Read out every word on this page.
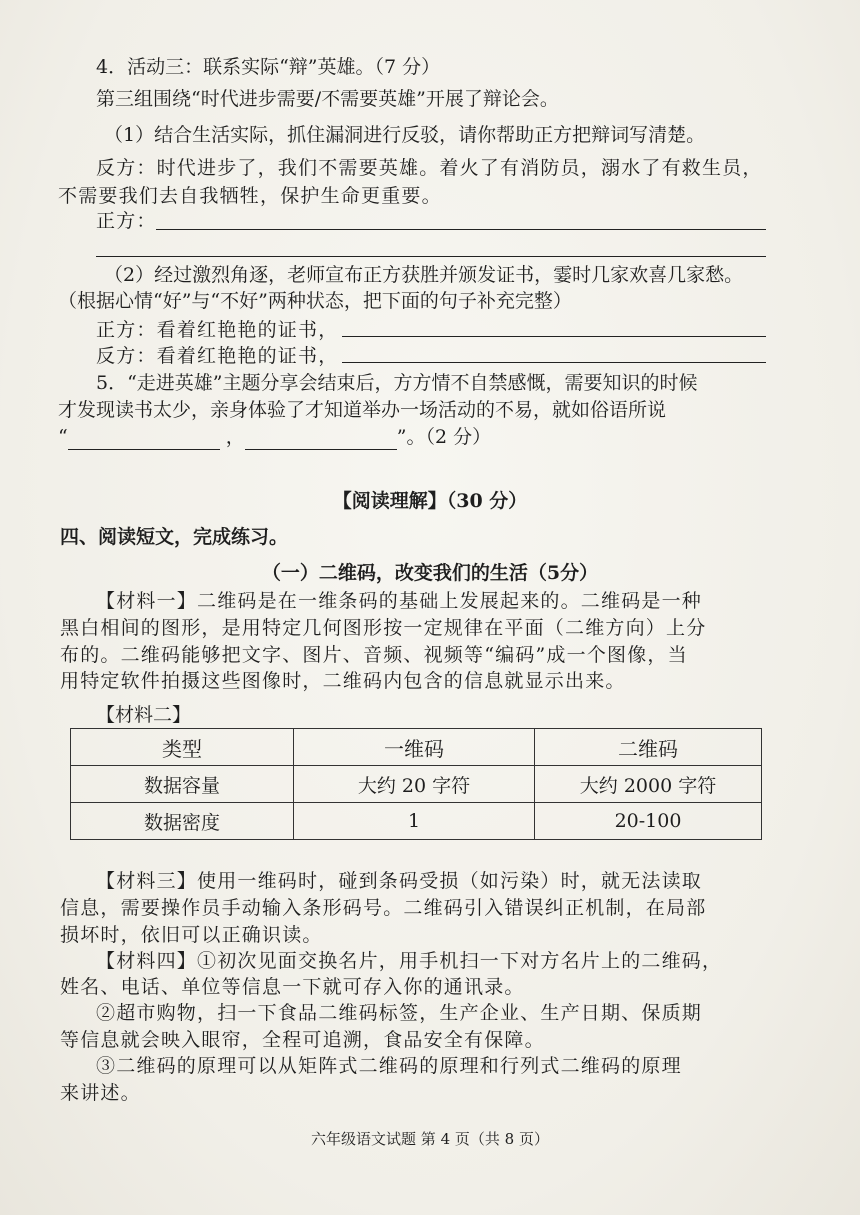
4．活动三：联系实际“辩”英雄。（7 分）
第三组围绕“时代进步需要/不需要英雄”开展了辩论会。
（1）结合生活实际，抓住漏洞进行反驳，请你帮助正方把辩词写清楚。
反方：时代进步了，我们不需要英雄。着火了有消防员，溺水了有救生员，
不需要我们去自我牺牲，保护生命更重要。
正方：
（2）经过激烈角逐，老师宣布正方获胜并颁发证书，霎时几家欢喜几家愁。
（根据心情“好”与“不好”两种状态，把下面的句子补充完整）
正方：看着红艳艳的证书，
反方：看着红艳艳的证书，
5．“走进英雄”主题分享会结束后，方方情不自禁感慨，需要知识的时候
才发现读书太少，亲身体验了才知道举办一场活动的不易，就如俗语所说
“	，	”。（2 分）
【阅读理解】（30 分）
四、阅读短文，完成练习。
（一）二维码，改变我们的生活（5分）
【材料一】二维码是在一维条码的基础上发展起来的。二维码是一种
黑白相间的图形，是用特定几何图形按一定规律在平面（二维方向）上分
布的。二维码能够把文字、图片、音频、视频等“编码”成一个图像，当
用特定软件拍摄这些图像时，二维码内包含的信息就显示出来。
【材料二】
类型	一维码	二维码
数据容量	大约 20 字符	大约 2000 字符
数据密度	1	20-100
【材料三】使用一维码时，碰到条码受损（如污染）时，就无法读取
信息，需要操作员手动输入条形码号。二维码引入错误纠正机制，在局部
损坏时，依旧可以正确识读。
【材料四】①初次见面交换名片，用手机扫一下对方名片上的二维码，
姓名、电话、单位等信息一下就可存入你的通讯录。
②超市购物，扫一下食品二维码标签，生产企业、生产日期、保质期
等信息就会映入眼帘，全程可追溯，食品安全有保障。
③二维码的原理可以从矩阵式二维码的原理和行列式二维码的原理
来讲述。
六年级语文试题 第 4 页（共 8 页）
